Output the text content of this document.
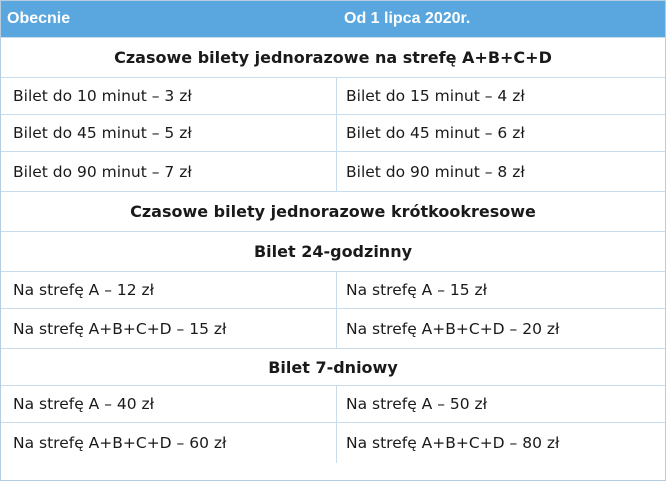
Obecnie	Od 1 lipca 2020r.
Czasowe bilety jednorazowe na strefę A+B+C+D
Bilet do 10 minut – 3 zł	Bilet do 15 minut – 4 zł
Bilet do 45 minut – 5 zł	Bilet do 45 minut – 6 zł
Bilet do 90 minut – 7 zł	Bilet do 90 minut – 8 zł
Czasowe bilety jednorazowe krótkookresowe
Bilet 24-godzinny
Na strefę A – 12 zł	Na strefę A – 15 zł
Na strefę A+B+C+D – 15 zł	Na strefę A+B+C+D – 20 zł
Bilet 7-dniowy
Na strefę A – 40 zł	Na strefę A – 50 zł
Na strefę A+B+C+D – 60 zł	Na strefę A+B+C+D – 80 zł
